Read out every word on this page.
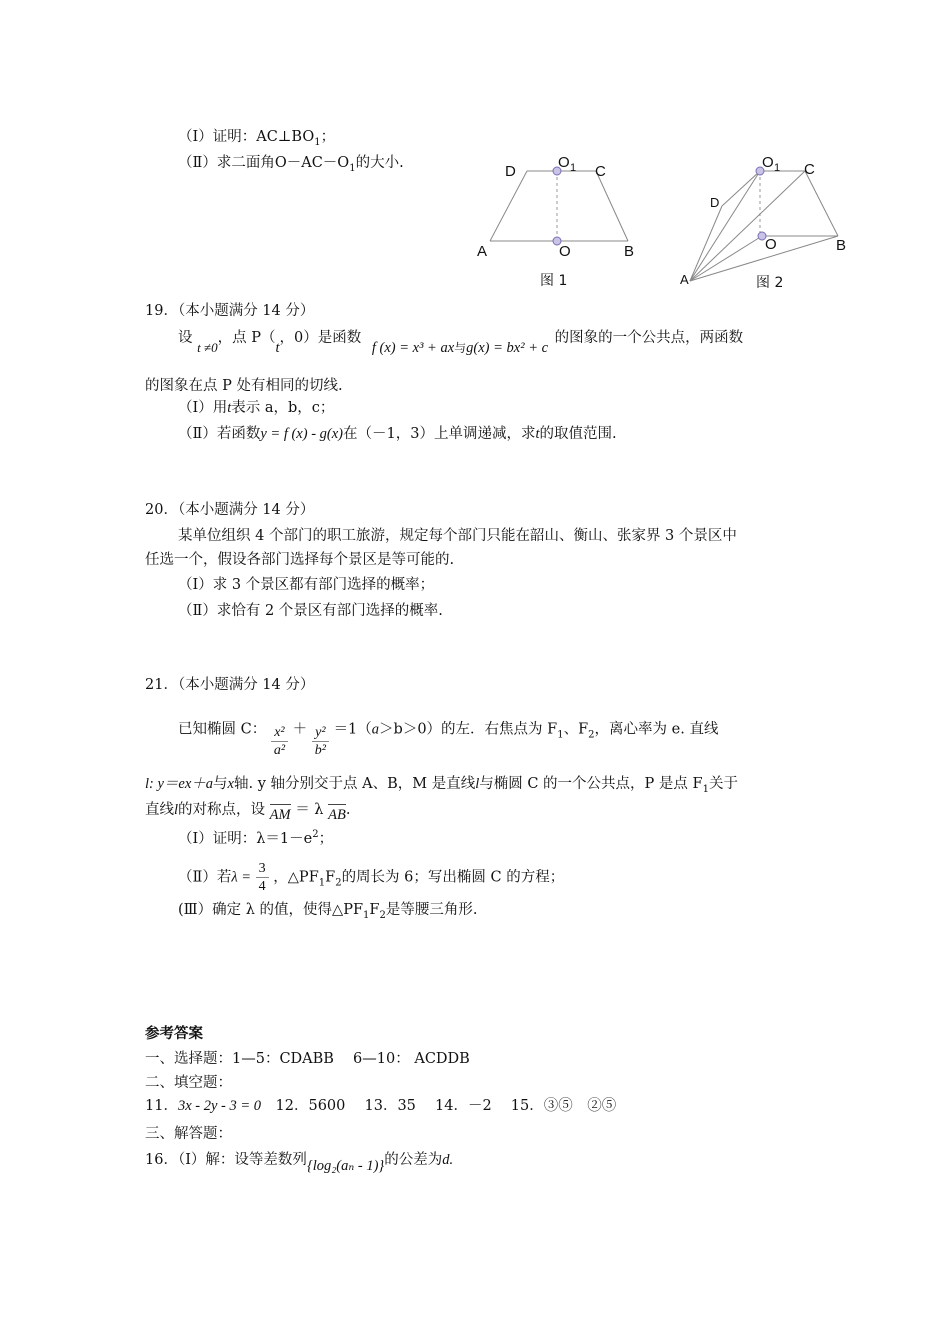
（Ⅰ）证明：$AC\perp BO_1$；
（Ⅱ）求二面角$O-AC-O_1$的大小.	D
O 1 C
A	O	B
图 1
O 1 C
D
O	B
A	图 2
19．（本小题满分 14 分）
设 t ≠0，点 P（t，0）是函数 f $(x) = x^3 + ax_与g(x) = bx^2 + c$ 的图象的一个公共点，两函数
的图象在点 P 处有相同的切线.
（Ⅰ）用t表示 a，b，c；
（Ⅱ）若函数y = f (x) - g(x)在（－1，3）上单调递减，求t的取值范围.
20．（本小题满分 14 分）
某单位组织 4 个部门的职工旅游，规定每个部门只能在韶山、衡山、张家界 3 个景区中
任选一个，假设各部门选择每个景区是等可能的.
（Ⅰ）求 3 个景区都有部门选择的概率；
（Ⅱ）求恰有 2 个景区有部门选择的概率.
21．（本小题满分 14 分）
已知椭圆 C： $\frac{\text{x²}}{\text{a²}} + \frac{\text{y²}}{\text{b²}} =1(a>b>0)$的左．右焦点为 $F_1$、$F_2$，离心率为 e. 直线
l: y＝ex＋a与x轴. y 轴分别交于点 A、B，M 是直线l与椭圆 C 的一个公共点，P 是点 $F_1$关于
直线l的对称点，设 AM ＝ λ AB.
（Ⅰ）证明：$\lambda=1-e^2$；
（Ⅱ）若$\lambda = \frac{3}{4}$ ，$\triangle PF_1F_2$的周长为 6；写出椭圆 C 的方程；
(Ⅲ）确定 λ 的值，使得$\triangle PF_1F_2$是等腰三角形.
参考答案
一、选择题：1—5：CDABB　 6—10： ACDDB
二、填空题：
11．3x - 2y - 3 = 0　12．5600　 13．35　 14．－2　 15．③⑤　②⑤
三、解答题：
16．（I）解：设等差数列{log₂(aₙ - 1)}的公差为d.
